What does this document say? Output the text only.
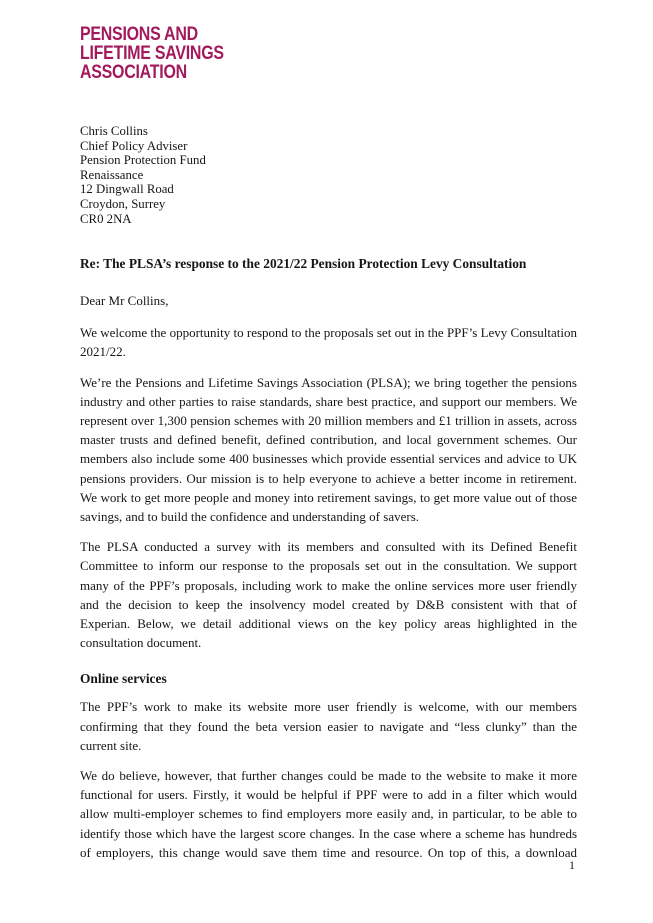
PENSIONS AND
LIFETIME SAVINGS
ASSOCIATION
Chris Collins
Chief Policy Adviser
Pension Protection Fund
Renaissance
12 Dingwall Road
Croydon, Surrey
CR0 2NA

Re: The PLSA’s response to the 2021/22 Pension Protection Levy Consultation

Dear Mr Collins,

We welcome the opportunity to respond to the proposals set out in the PPF’s Levy Consultation 2021/22.

We’re the Pensions and Lifetime Savings Association (PLSA); we bring together the pensions industry and other parties to raise standards, share best practice, and support our members. We represent over 1,300 pension schemes with 20 million members and £1 trillion in assets, across master trusts and defined benefit, defined contribution, and local government schemes. Our members also include some 400 businesses which provide essential services and advice to UK pensions providers. Our mission is to help everyone to achieve a better income in retirement. We work to get more people and money into retirement savings, to get more value out of those savings, and to build the confidence and understanding of savers.

The PLSA conducted a survey with its members and consulted with its Defined Benefit Committee to inform our response to the proposals set out in the consultation. We support many of the PPF’s proposals, including work to make the online services more user friendly and the decision to keep the insolvency model created by D&B consistent with that of Experian. Below, we detail additional views on the key policy areas highlighted in the consultation document.

Online services

The PPF’s work to make its website more user friendly is welcome, with our members confirming that they found the beta version easier to navigate and “less clunky” than the current site.

We do believe, however, that further changes could be made to the website to make it more functional for users. Firstly, it would be helpful if PPF were to add in a filter which would allow multi-employer schemes to find employers more easily and, in particular, to be able to identify those which have the largest score changes. In the case where a scheme has hundreds of employers, this change would save them time and resource. On top of this, a download

1
